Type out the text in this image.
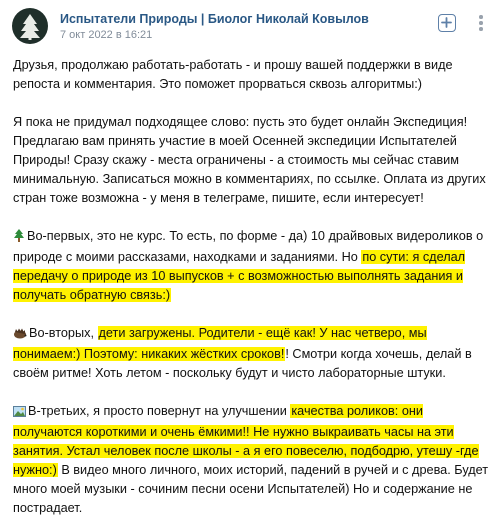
Испытатели Природы | Биолог Николай Ковылов
7 окт 2022 в 16:21

Друзья, продолжаю работать-работать - и прошу вашей поддержки в виде репоста и комментария. Это поможет прорваться сквозь алгоритмы:)

Я пока не придумал подходящее слово: пусть это будет онлайн Экспедиция! Предлагаю вам принять участие в моей Осенней экспедиции Испытателей Природы! Сразу скажу - места ограничены - а стоимость мы сейчас ставим минимальную. Записаться можно в комментариях, по ссылке. Оплата из других стран тоже возможна - у меня в телеграме, пишите, если интересует!

Во-первых, это не курс. То есть, по форме - да) 10 драйвовых видероликов о природе с моими рассказами, находками и заданиями. Но по сути: я сделал передачу о природе из 10 выпусков + с возможностью выполнять задания и получать обратную связь:)

Во-вторых, дети загружены. Родители - ещё как! У нас четверо, мы понимаем:) Поэтому: никаких жёстких сроков!! Смотри когда хочешь, делай в своём ритме! Хоть летом - поскольку будут и чисто лабораторные штуки.

В-третьих, я просто повернут на улучшении качества роликов: они получаются короткими и очень ёмкими!! Не нужно выкраивать часы на эти занятия. Устал человек после школы - а я его повеселю, подбодрю, утешу -где нужно:) В видео много личного, моих историй, падений в ручей и с древа. Будет много моей музыки - сочиним песни осени Испытателей) Но и содержание не пострадает.
